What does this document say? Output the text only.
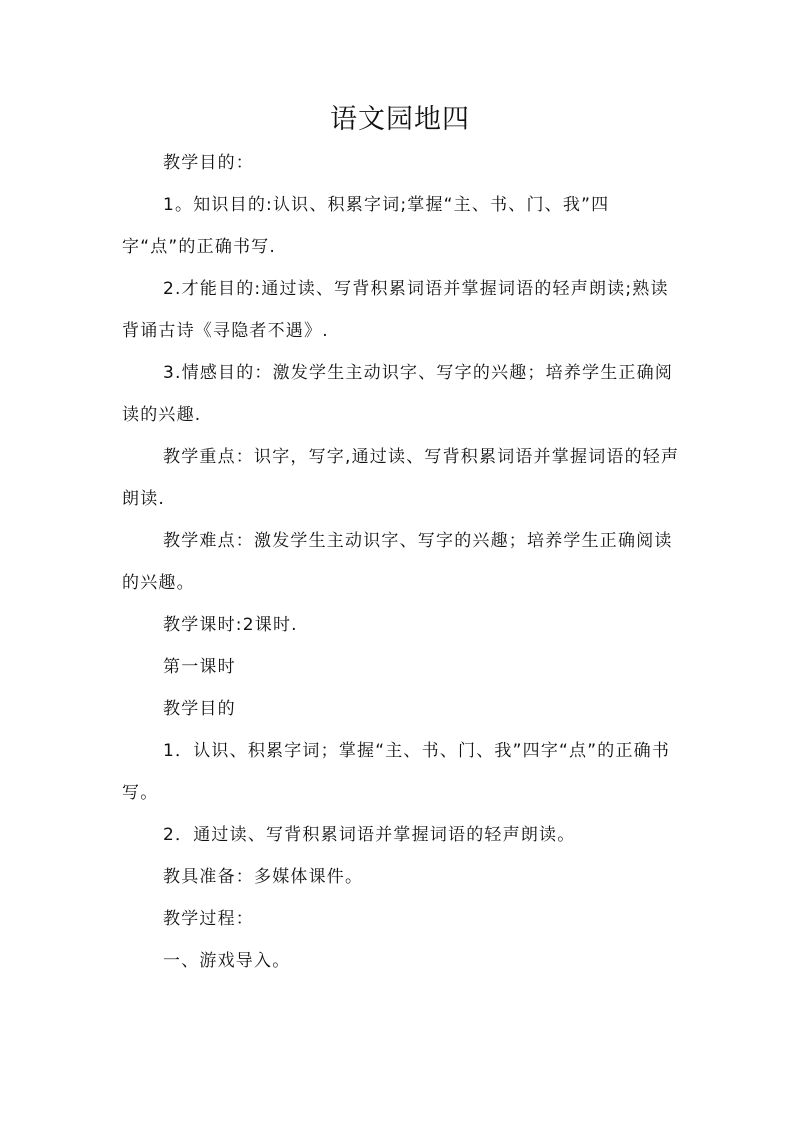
语文园地四

教学目的：

1。知识目的:认识、积累字词;掌握“主、书、门、我”四字“点”的正确书写.

2.才能目的:通过读、写背积累词语并掌握词语的轻声朗读;熟读背诵古诗《寻隐者不遇》.

3.情感目的：激发学生主动识字、写字的兴趣；培养学生正确阅读的兴趣.

教学重点：识字，写字,通过读、写背积累词语并掌握词语的轻声朗读.

教学难点：激发学生主动识字、写字的兴趣；培养学生正确阅读的兴趣。

教学课时:2课时.

第一课时

教学目的

1．认识、积累字词；掌握“主、书、门、我”四字“点”的正确书写。

2．通过读、写背积累词语并掌握词语的轻声朗读。

教具准备：多媒体课件。

教学过程：

一、游戏导入。
